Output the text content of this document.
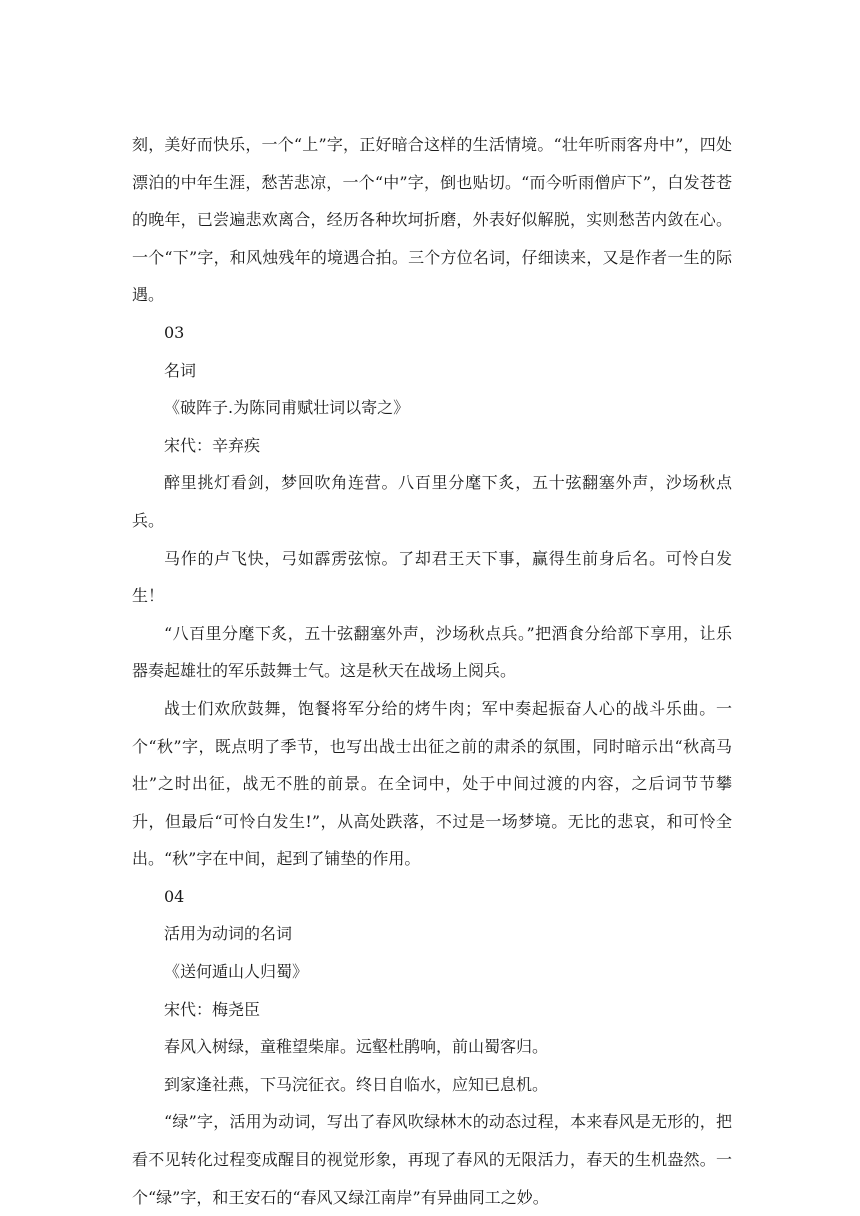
刻，美好而快乐，一个“上”字，正好暗合这样的生活情境。“壮年听雨客舟中”，四处漂泊的中年生涯，愁苦悲凉，一个“中”字，倒也贴切。“而今听雨僧庐下”，白发苍苍的晚年，已尝遍悲欢离合，经历各种坎坷折磨，外表好似解脱，实则愁苦内敛在心。一个“下”字，和风烛残年的境遇合拍。三个方位名词，仔细读来，又是作者一生的际遇。

03

名词

《破阵子.为陈同甫赋壮词以寄之》

宋代：辛弃疾

醉里挑灯看剑，梦回吹角连营。八百里分麾下炙，五十弦翻塞外声，沙场秋点兵。

马作的卢飞快，弓如霹雳弦惊。了却君王天下事，赢得生前身后名。可怜白发生！

“八百里分麾下炙，五十弦翻塞外声，沙场秋点兵。”把酒食分给部下享用，让乐器奏起雄壮的军乐鼓舞士气。这是秋天在战场上阅兵。

战士们欢欣鼓舞，饱餐将军分给的烤牛肉；军中奏起振奋人心的战斗乐曲。一个“秋”字，既点明了季节，也写出战士出征之前的肃杀的氛围，同时暗示出“秋高马壮”之时出征，战无不胜的前景。在全词中，处于中间过渡的内容，之后词节节攀升，但最后“可怜白发生!”，从高处跌落，不过是一场梦境。无比的悲哀，和可怜全出。“秋”字在中间，起到了铺垫的作用。

04

活用为动词的名词

《送何遁山人归蜀》

宋代：梅尧臣

春风入树绿，童稚望柴扉。远壑杜鹃响，前山蜀客归。

到家逢社燕，下马浣征衣。终日自临水，应知已息机。

“绿”字，活用为动词，写出了春风吹绿林木的动态过程，本来春风是无形的，把看不见转化过程变成醒目的视觉形象，再现了春风的无限活力，春天的生机盎然。一个“绿”字，和王安石的“春风又绿江南岸”有异曲同工之妙。
